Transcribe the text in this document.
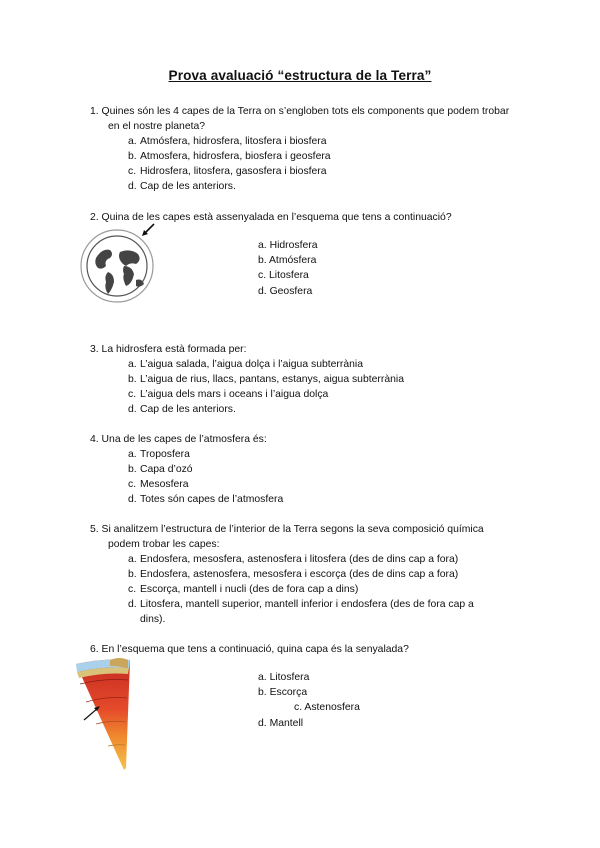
Prova avaluació “estructura de la Terra”

1. Quines són les 4 capes de la Terra on s’engloben tots els components que podem trobar en el nostre planeta?

a. Atmósfera, hidrosfera, litosfera i biosfera
b. Atmosfera, hidrosfera, biosfera i geosfera
c. Hidrosfera, litosfera, gasosfera i biosfera
d. Cap de les anteriors.

2. Quina de les capes està assenyalada en l’esquema que tens a continuació?

a. Hidrosfera
b. Atmósfera
c. Litosfera
d. Geosfera

3. La hidrosfera està formada per:

a. L’aigua salada, l’aigua dolça i l’aigua subterrània
b. L’aigua de rius, llacs, pantans, estanys, aigua subterrània
c. L’aigua dels mars i oceans i l’aigua dolça
d. Cap de les anteriors.

4. Una de les capes de l’atmosfera és:

a. Troposfera
b. Capa d’ozó
c. Mesosfera
d. Totes són capes de l’atmosfera

5. Si analitzem l’estructura de l’interior de la Terra segons la seva composició química podem trobar les capes:

a. Endosfera, mesosfera, astenosfera i litosfera (des de dins cap a fora)
b. Endosfera, astenosfera, mesosfera i escorça (des de dins cap a fora)
c. Escorça, mantell i nucli (des de fora cap a dins)
d. Litosfera, mantell superior, mantell inferior i endosfera (des de fora cap a dins).

6. En l’esquema que tens a continuació, quina capa és la senyalada?

a. Litosfera
b. Escorça
c. Astenosfera
d. Mantell
